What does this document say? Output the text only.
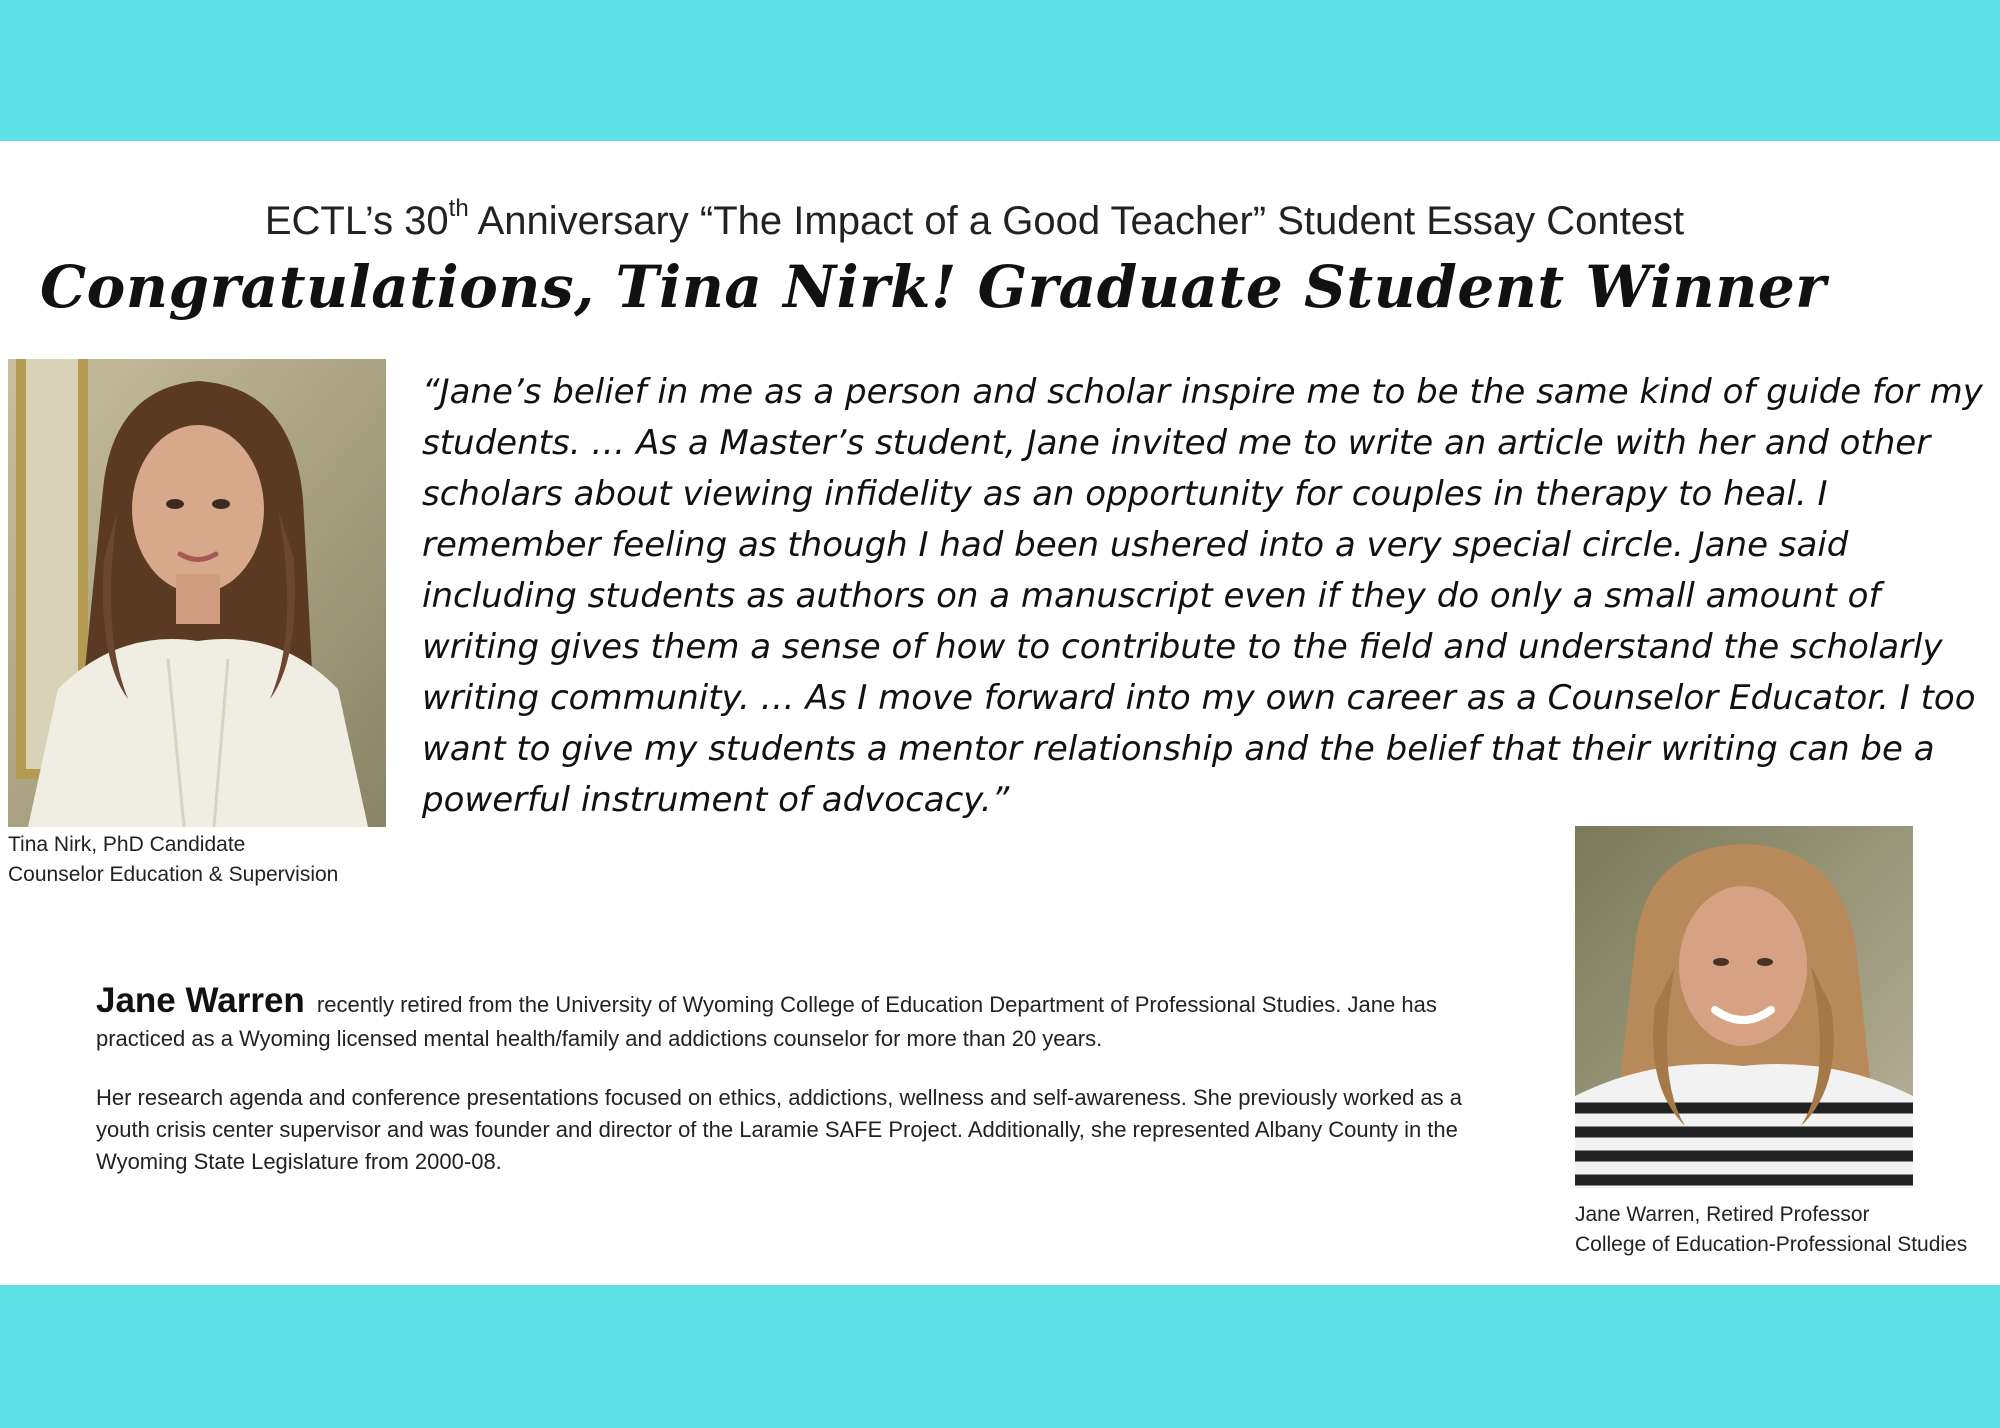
ECTL’s 30th Anniversary “The Impact of a Good Teacher” Student Essay Contest
Congratulations, Tina Nirk! Graduate Student Winner
Tina Nirk, PhD Candidate
Counselor Education & Supervision
“Jane’s belief in me as a person and scholar inspire me to be the same kind of guide for my students. … As a Master’s student, Jane invited me to write an article with her and other scholars about viewing infidelity as an opportunity for couples in therapy to heal. I remember feeling as though I had been ushered into a very special circle. Jane said including students as authors on a manuscript even if they do only a small amount of writing gives them a sense of how to contribute to the field and understand the scholarly writing community. … As I move forward into my own career as a Counselor Educator. I too want to give my students a mentor relationship and the belief that their writing can be a powerful instrument of advocacy.”

Jane Warren recently retired from the University of Wyoming College of Education Department of Professional Studies. Jane has practiced as a Wyoming licensed mental health/family and addictions counselor for more than 20 years.

Her research agenda and conference presentations focused on ethics, addictions, wellness and self-awareness. She previously worked as a youth crisis center supervisor and was founder and director of the Laramie SAFE Project. Additionally, she represented Albany County in the Wyoming State Legislature from 2000-08.

Jane Warren, Retired Professor
College of Education-Professional Studies
